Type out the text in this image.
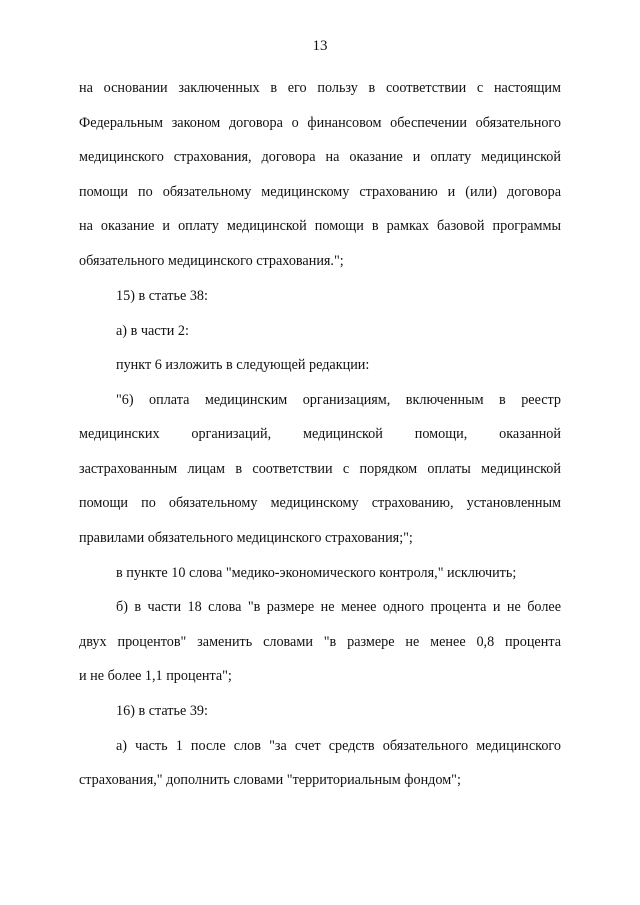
13
на основании заключенных в его пользу в соответствии с настоящим
Федеральным законом договора о финансовом обеспечении обязательного
медицинского страхования, договора на оказание и оплату медицинской
помощи по обязательному медицинскому страхованию и (или) договора
на оказание и оплату медицинской помощи в рамках базовой программы
обязательного медицинского страхования.";
15) в статье 38:
а) в части 2:
пункт 6 изложить в следующей редакции:
"6) оплата медицинским организациям, включенным в реестр
медицинских организаций, медицинской помощи, оказанной
застрахованным лицам в соответствии с порядком оплаты медицинской
помощи по обязательному медицинскому страхованию, установленным
правилами обязательного медицинского страхования;";
в пункте 10 слова "медико-экономического контроля," исключить;
б) в части 18 слова "в размере не менее одного процента и не более
двух процентов" заменить словами "в размере не менее 0,8 процента
и не более 1,1 процента";
16) в статье 39:
а) часть 1 после слов "за счет средств обязательного медицинского
страхования," дополнить словами "территориальным фондом";
